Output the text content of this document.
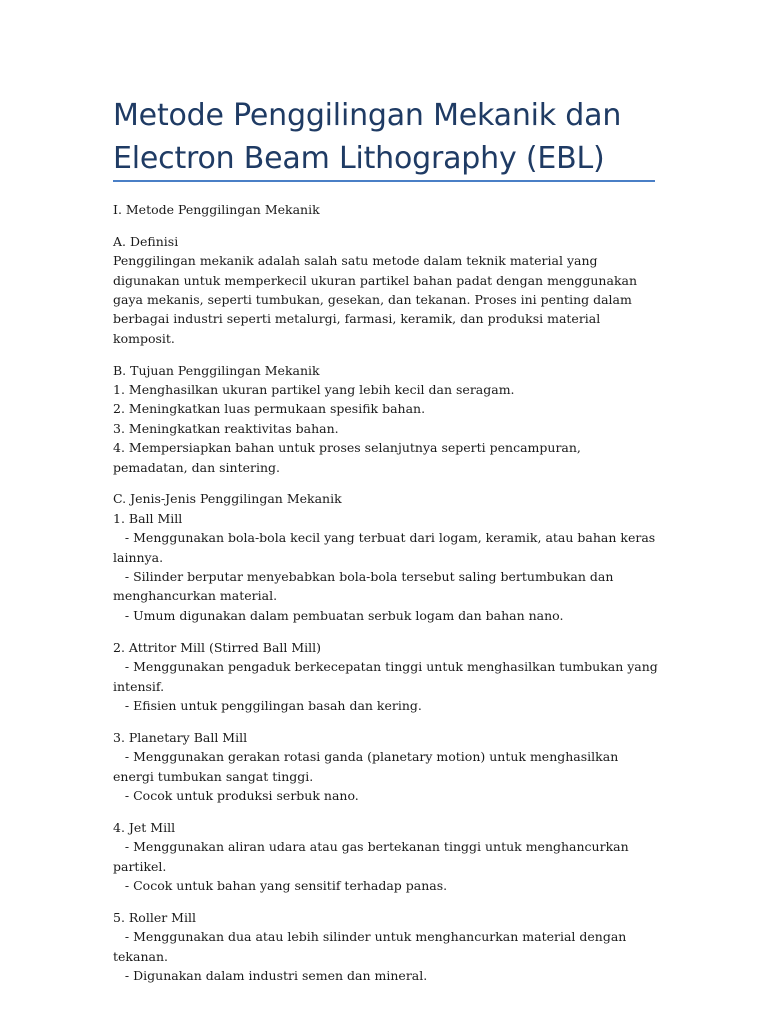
Metode Penggilingan Mekanik dan Electron Beam Lithography (EBL)

I. Metode Penggilingan Mekanik

A. Definisi
Penggilingan mekanik adalah salah satu metode dalam teknik material yang digunakan untuk memperkecil ukuran partikel bahan padat dengan menggunakan gaya mekanis, seperti tumbukan, gesekan, dan tekanan. Proses ini penting dalam berbagai industri seperti metalurgi, farmasi, keramik, dan produksi material komposit.

B. Tujuan Penggilingan Mekanik
1. Menghasilkan ukuran partikel yang lebih kecil dan seragam.
2. Meningkatkan luas permukaan spesifik bahan.
3. Meningkatkan reaktivitas bahan.
4. Mempersiapkan bahan untuk proses selanjutnya seperti pencampuran, pemadatan, dan sintering.

C. Jenis-Jenis Penggilingan Mekanik
1. Ball Mill
- Menggunakan bola-bola kecil yang terbuat dari logam, keramik, atau bahan keras lainnya.
- Silinder berputar menyebabkan bola-bola tersebut saling bertumbukan dan menghancurkan material.
- Umum digunakan dalam pembuatan serbuk logam dan bahan nano.

2. Attritor Mill (Stirred Ball Mill)
- Menggunakan pengaduk berkecepatan tinggi untuk menghasilkan tumbukan yang intensif.
- Efisien untuk penggilingan basah dan kering.

3. Planetary Ball Mill
- Menggunakan gerakan rotasi ganda (planetary motion) untuk menghasilkan energi tumbukan sangat tinggi.
- Cocok untuk produksi serbuk nano.

4. Jet Mill
- Menggunakan aliran udara atau gas bertekanan tinggi untuk menghancurkan partikel.
- Cocok untuk bahan yang sensitif terhadap panas.

5. Roller Mill
- Menggunakan dua atau lebih silinder untuk menghancurkan material dengan tekanan.
- Digunakan dalam industri semen dan mineral.
